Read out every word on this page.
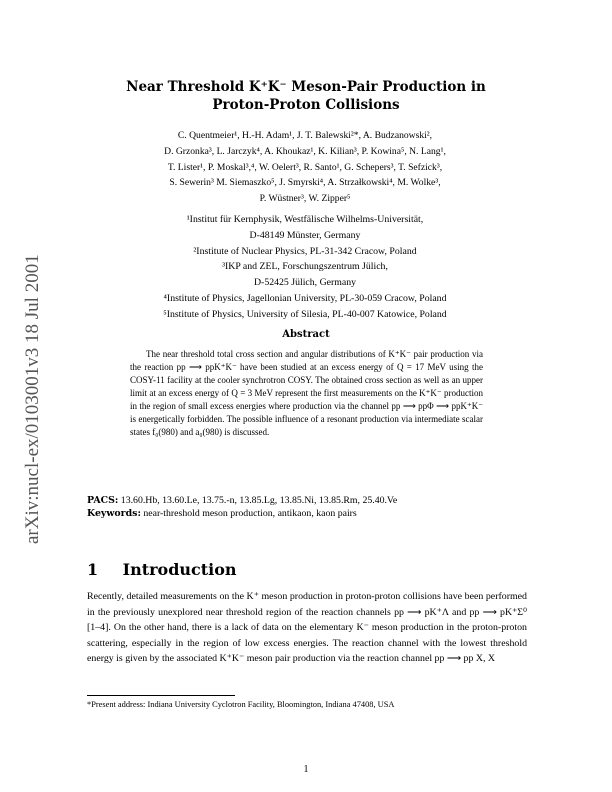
arXiv:nucl-ex/0103001v3 18 Jul 2001
Near Threshold K⁺K⁻ Meson-Pair Production in
Proton-Proton Collisions
C. Quentmeier¹, H.-H. Adam¹, J. T. Balewski²*, A. Budzanowski²,
D. Grzonka³, L. Jarczyk⁴, A. Khoukaz¹, K. Kilian³, P. Kowina⁵, N. Lang¹,
T. Lister¹, P. Moskal³,⁴, W. Oelert³, R. Santo¹, G. Schepers³, T. Sefzick³,
S. Sewerin³ M. Siemaszko⁵, J. Smyrski⁴, A. Strzałkowski⁴, M. Wolke³,
P. Wüstner³, W. Zipper⁵
¹Institut für Kernphysik, Westfälische Wilhelms-Universität,
D-48149 Münster, Germany
²Institute of Nuclear Physics, PL-31-342 Cracow, Poland
³IKP and ZEL, Forschungszentrum Jülich,
D-52425 Jülich, Germany
⁴Institute of Physics, Jagellonian University, PL-30-059 Cracow, Poland
⁵Institute of Physics, University of Silesia, PL-40-007 Katowice, Poland
Abstract
The near threshold total cross section and angular distributions of K⁺K⁻ pair production via the reaction pp ⟶ ppK⁺K⁻ have been studied at an excess energy of Q = 17 MeV using the COSY-11 facility at the cooler synchrotron COSY. The obtained cross section as well as an upper limit at an excess energy of Q = 3 MeV represent the first measurements on the K⁺K⁻ production in the region of small excess energies where production via the channel pp ⟶ ppΦ ⟶ ppK⁺K⁻ is energetically forbidden. The possible influence of a resonant production via intermediate scalar states f₀(980) and a₀(980) is discussed.
PACS: 13.60.Hb, 13.60.Le, 13.75.-n, 13.85.Lg, 13.85.Ni, 13.85.Rm, 25.40.Ve
Keywords: near-threshold meson production, antikaon, kaon pairs
1 Introduction
Recently, detailed measurements on the K⁺ meson production in proton-proton collisions have been performed in the previously unexplored near threshold region of the reaction channels pp ⟶ pK⁺Λ and pp ⟶ pK⁺Σ⁰ [1–4]. On the other hand, there is a lack of data on the elementary K⁻ meson production in the proton-proton scattering, especially in the region of low excess energies. The reaction channel with the lowest threshold energy is given by the associated K⁺K⁻ meson pair production via the reaction channel pp ⟶ pp X, X
*Present address: Indiana University Cyclotron Facility, Bloomington, Indiana 47408, USA
1
